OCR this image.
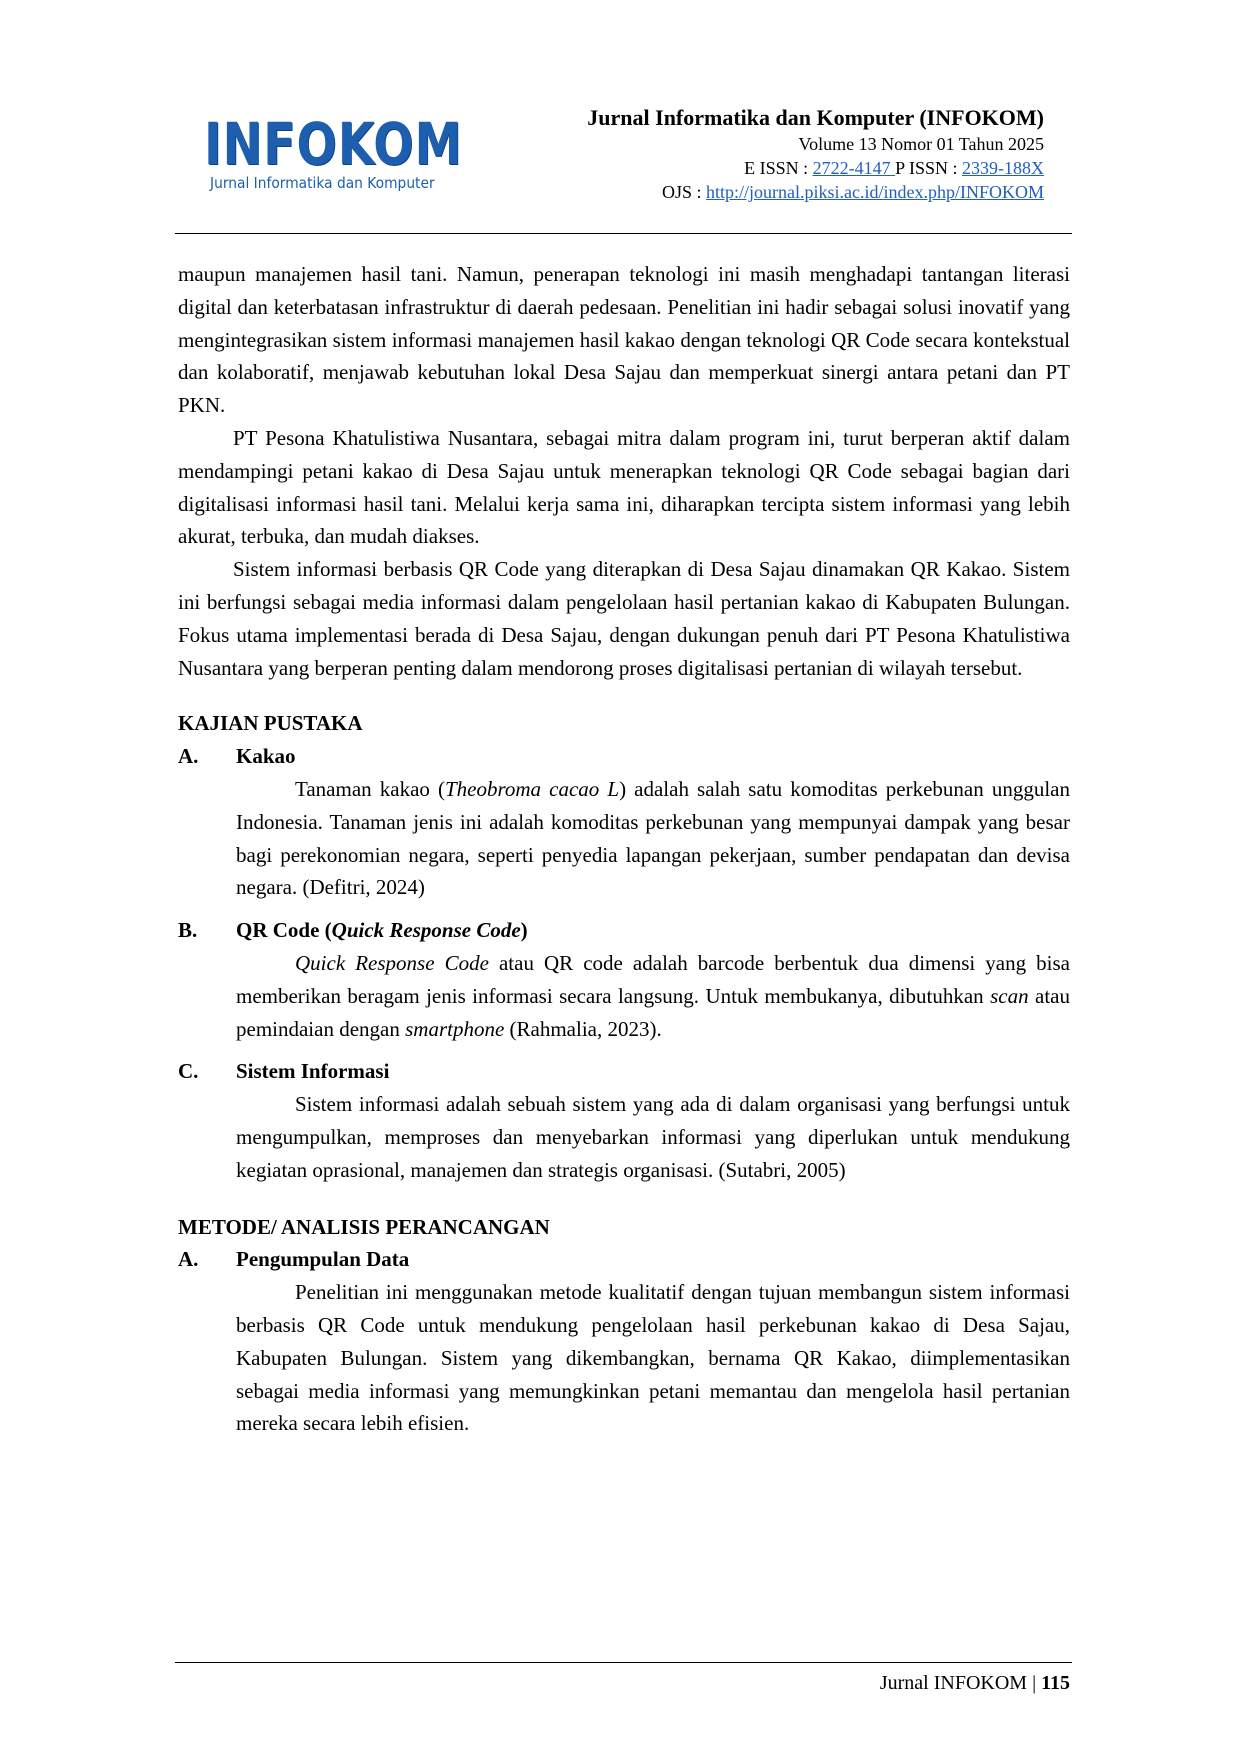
INFOKOM
Jurnal Informatika dan Komputer
Jurnal Informatika dan Komputer (INFOKOM)
Volume 13 Nomor 01 Tahun 2025
E ISSN : 2722-4147 P ISSN : 2339-188X
OJS : http://journal.piksi.ac.id/index.php/INFOKOM

maupun manajemen hasil tani. Namun, penerapan teknologi ini masih menghadapi tantangan literasi digital dan keterbatasan infrastruktur di daerah pedesaan. Penelitian ini hadir sebagai solusi inovatif yang mengintegrasikan sistem informasi manajemen hasil kakao dengan teknologi QR Code secara kontekstual dan kolaboratif, menjawab kebutuhan lokal Desa Sajau dan memperkuat sinergi antara petani dan PT PKN.

PT Pesona Khatulistiwa Nusantara, sebagai mitra dalam program ini, turut berperan aktif dalam mendampingi petani kakao di Desa Sajau untuk menerapkan teknologi QR Code sebagai bagian dari digitalisasi informasi hasil tani. Melalui kerja sama ini, diharapkan tercipta sistem informasi yang lebih akurat, terbuka, dan mudah diakses.

Sistem informasi berbasis QR Code yang diterapkan di Desa Sajau dinamakan QR Kakao. Sistem ini berfungsi sebagai media informasi dalam pengelolaan hasil pertanian kakao di Kabupaten Bulungan. Fokus utama implementasi berada di Desa Sajau, dengan dukungan penuh dari PT Pesona Khatulistiwa Nusantara yang berperan penting dalam mendorong proses digitalisasi pertanian di wilayah tersebut.

KAJIAN PUSTAKA

A.	Kakao

Tanaman kakao (Theobroma cacao L) adalah salah satu komoditas perkebunan unggulan Indonesia. Tanaman jenis ini adalah komoditas perkebunan yang mempunyai dampak yang besar bagi perekonomian negara, seperti penyedia lapangan pekerjaan, sumber pendapatan dan devisa negara. (Defitri, 2024)

B.	QR Code (Quick Response Code)

Quick Response Code atau QR code adalah barcode berbentuk dua dimensi yang bisa memberikan beragam jenis informasi secara langsung. Untuk membukanya, dibutuhkan scan atau pemindaian dengan smartphone (Rahmalia, 2023).

C.	Sistem Informasi

Sistem informasi adalah sebuah sistem yang ada di dalam organisasi yang berfungsi untuk mengumpulkan, memproses dan menyebarkan informasi yang diperlukan untuk mendukung kegiatan oprasional, manajemen dan strategis organisasi. (Sutabri, 2005)

METODE/ ANALISIS PERANCANGAN

A.	Pengumpulan Data

Penelitian ini menggunakan metode kualitatif dengan tujuan membangun sistem informasi berbasis QR Code untuk mendukung pengelolaan hasil perkebunan kakao di Desa Sajau, Kabupaten Bulungan. Sistem yang dikembangkan, bernama QR Kakao, diimplementasikan sebagai media informasi yang memungkinkan petani memantau dan mengelola hasil pertanian mereka secara lebih efisien.

Jurnal INFOKOM | 115
